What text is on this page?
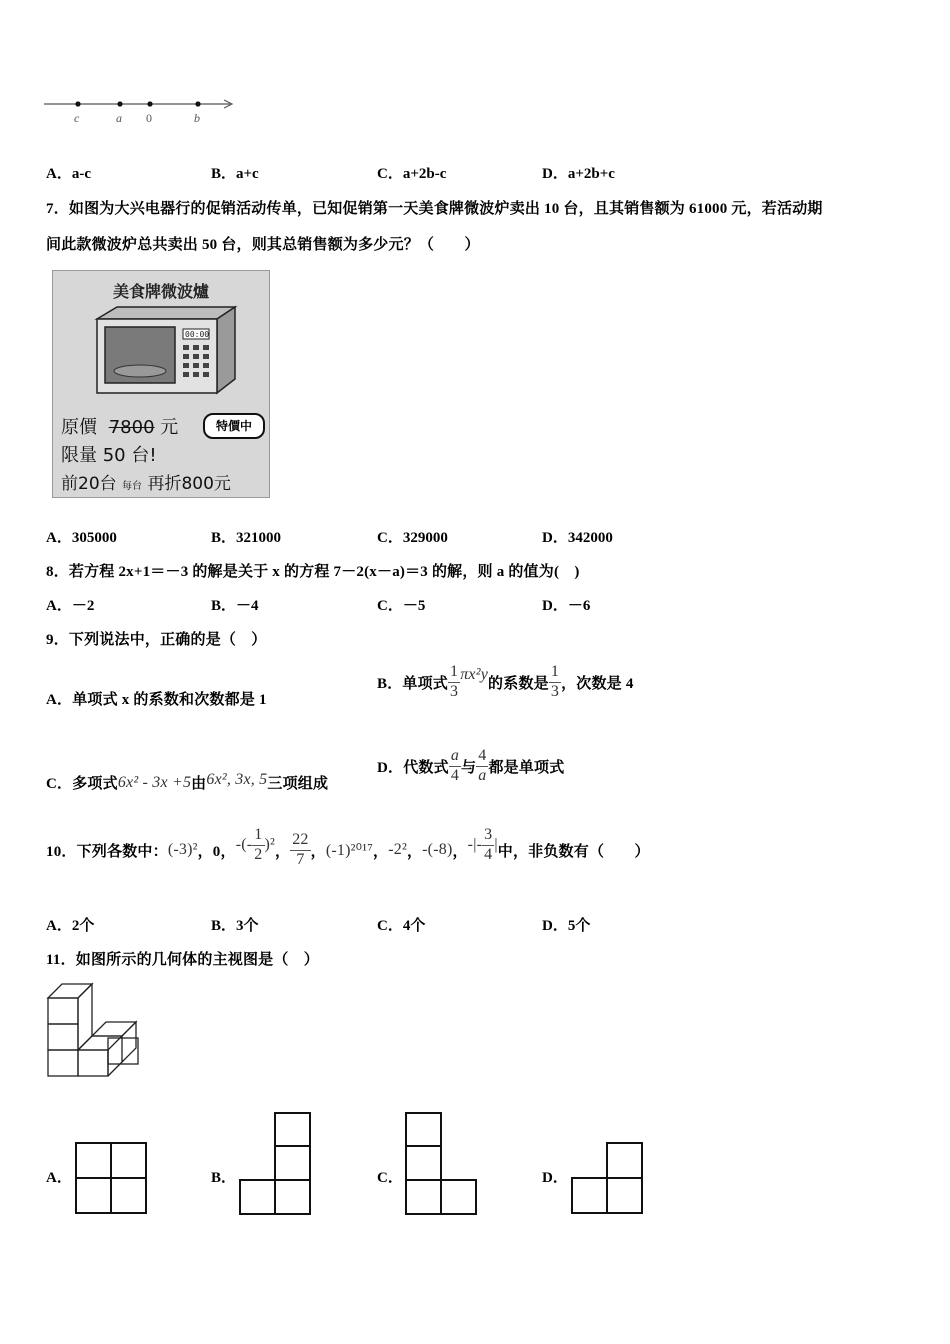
c	a 0	b
A．a-c	B．a+c	C．a+2b-c	D．a+2b+c
7．如图为大兴电器行的促销活动传单，已知促销第一天美食牌微波炉卖出 10 台，且其销售额为 61000 元，若活动期
间此款微波炉总共卖出 50 台，则其总销售额为多少元？（　　）
美食牌微波爐
00:00
原價 7800 元	特價中
限量 50 台!
前20台 每台 再折800元
A．305000	B．321000	C．329000	D．342000
8．若方程 2x+1＝－3 的解是关于 x 的方程 7－2(x－a)＝3 的解，则 a 的值为(　)
A．－2	B．－4	C．－5	D．－6
9．下列说法中，正确的是（　）
A．单项式 x 的系数和次数都是 1
B．单项式 $\frac{1}{3} \pi x^2y$
的系数是 $\frac{1}{3}$ ，次数是 4
C．多项式 6x² - 3x +5 由 6x², 3x, 5 三项组成
D．代数式 $\frac{a}{4}$ 与 $\frac{4}{a}$ 都是单项式
10．下列各数中： (-3)² ，0， -(- $\frac{1}{2} )^2$ ， $\frac{22}{7}$ ， (-1)²⁰¹⁷ ， -2² ， -(-8) ， -|- $\frac{3}{4}$ | 中，非负数有（　　）
A．2个	B．3个	C．4个	D．5个
11．如图所示的几何体的主视图是（　）
A．	B．	C．	D．
